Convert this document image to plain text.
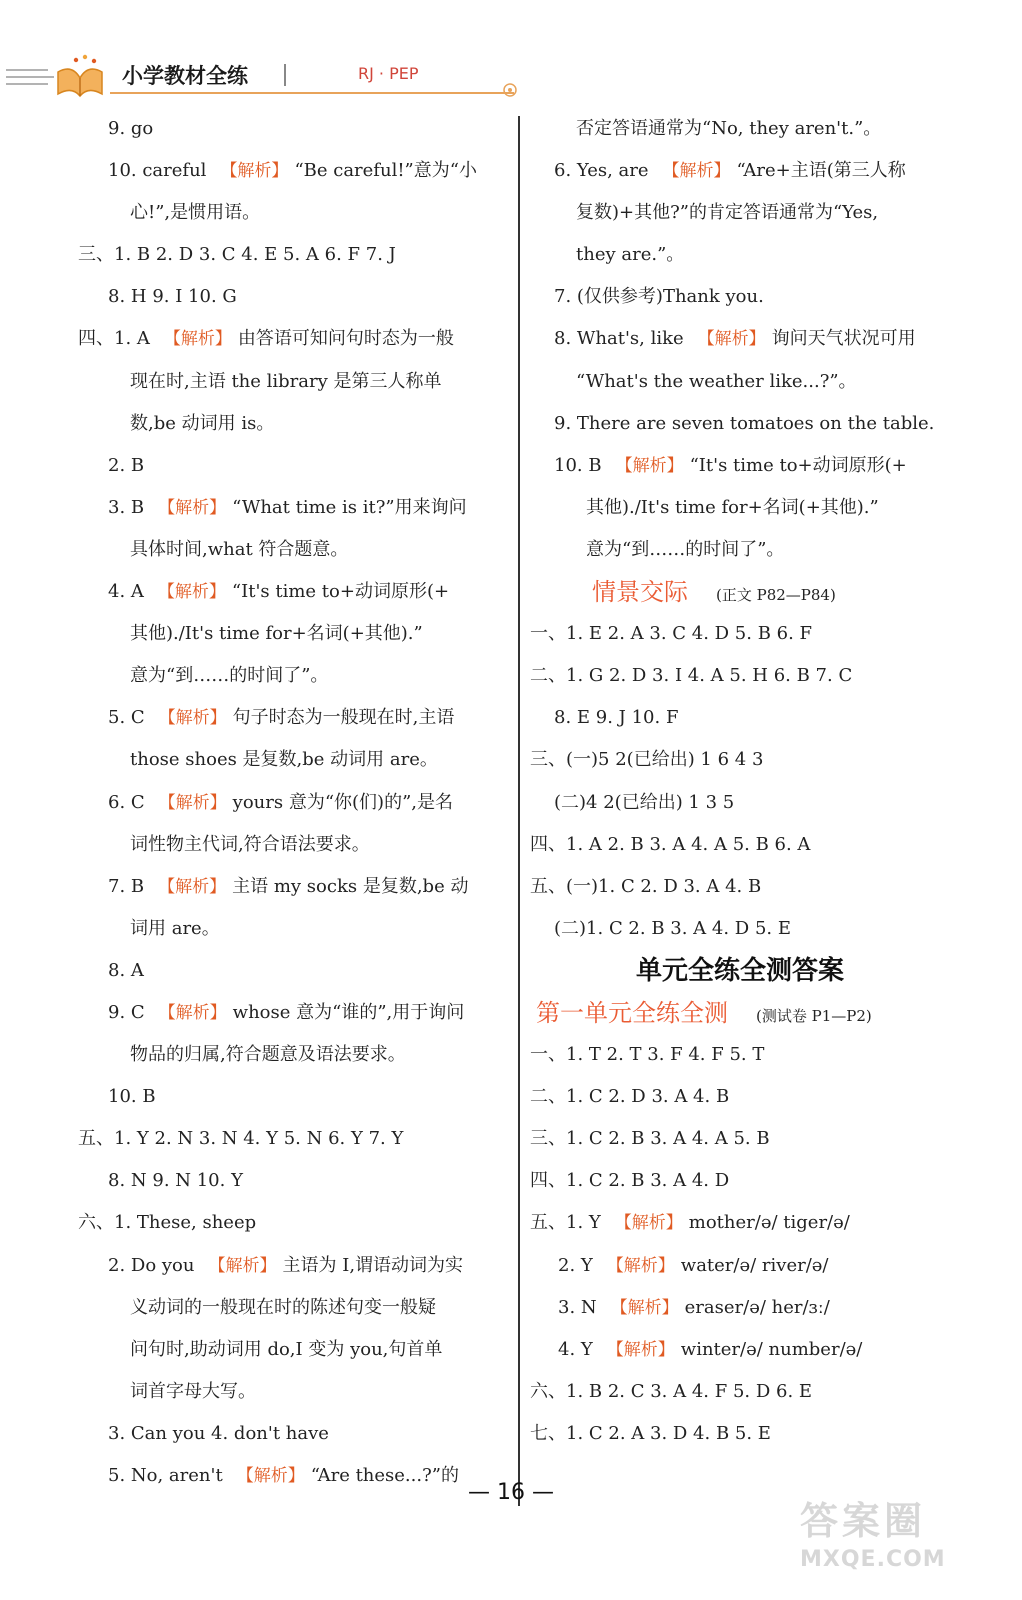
小学教材全练	RJ · PEP
9. go
10. careful 【解析】 “Be careful!”意为“小
心!”,是惯用语。
三、1. B 2. D 3. C 4. E 5. A 6. F 7. J
8. H 9. I 10. G
四、1. A 【解析】 由答语可知问句时态为一般
现在时,主语 the library 是第三人称单
数,be 动词用 is。
2. B
3. B 【解析】 “What time is it?”用来询问
具体时间,what 符合题意。
4. A 【解析】 “It's time to+动词原形(+
其他)./It's time for+名词(+其他).”
意为“到……的时间了”。
5. C 【解析】 句子时态为一般现在时,主语
those shoes 是复数,be 动词用 are。
6. C 【解析】 yours 意为“你(们)的”,是名
词性物主代词,符合语法要求。
7. B 【解析】 主语 my socks 是复数,be 动
词用 are。
8. A
9. C 【解析】 whose 意为“谁的”,用于询问
物品的归属,符合题意及语法要求。
10. B
五、1. Y 2. N 3. N 4. Y 5. N 6. Y 7. Y
8. N 9. N 10. Y
六、1. These, sheep
2. Do you 【解析】 主语为 I,谓语动词为实
义动词的一般现在时的陈述句变一般疑
问句时,助动词用 do,I 变为 you,句首单
词首字母大写。
3. Can you 4. don't have
5. No, aren't 【解析】 “Are these...?”的
否定答语通常为“No, they aren't.”。
6. Yes, are 【解析】 “Are+主语(第三人称
复数)+其他?”的肯定答语通常为“Yes,
they are.”。
7. (仅供参考)Thank you.
8. What's, like 【解析】 询问天气状况可用
“What's the weather like...?”。
9. There are seven tomatoes on the table.
10. B 【解析】 “It's time to+动词原形(+
其他)./It's time for+名词(+其他).”
意为“到……的时间了”。
情景交际 (正文 P82—P84)
一、1. E 2. A 3. C 4. D 5. B 6. F
二、1. G 2. D 3. I 4. A 5. H 6. B 7. C
8. E 9. J 10. F
三、(一)5 2(已给出) 1 6 4 3
(二)4 2(已给出) 1 3 5
四、1. A 2. B 3. A 4. A 5. B 6. A
五、(一)1. C 2. D 3. A 4. B
(二)1. C 2. B 3. A 4. D 5. E
单元全练全测答案
第一单元全练全测 (测试卷 P1—P2)
一、1. T 2. T 3. F 4. F 5. T
二、1. C 2. D 3. A 4. B
三、1. C 2. B 3. A 4. A 5. B
四、1. C 2. B 3. A 4. D
五、1. Y 【解析】 mother/ə/ tiger/ə/
2. Y 【解析】 water/ə/ river/ə/
3. N 【解析】 eraser/ə/ her/ɜː/
4. Y 【解析】 winter/ə/ number/ə/
六、1. B 2. C 3. A 4. F 5. D 6. E
七、1. C 2. A 3. D 4. B 5. E
— 16 —
答案圈
MXQE.COM
